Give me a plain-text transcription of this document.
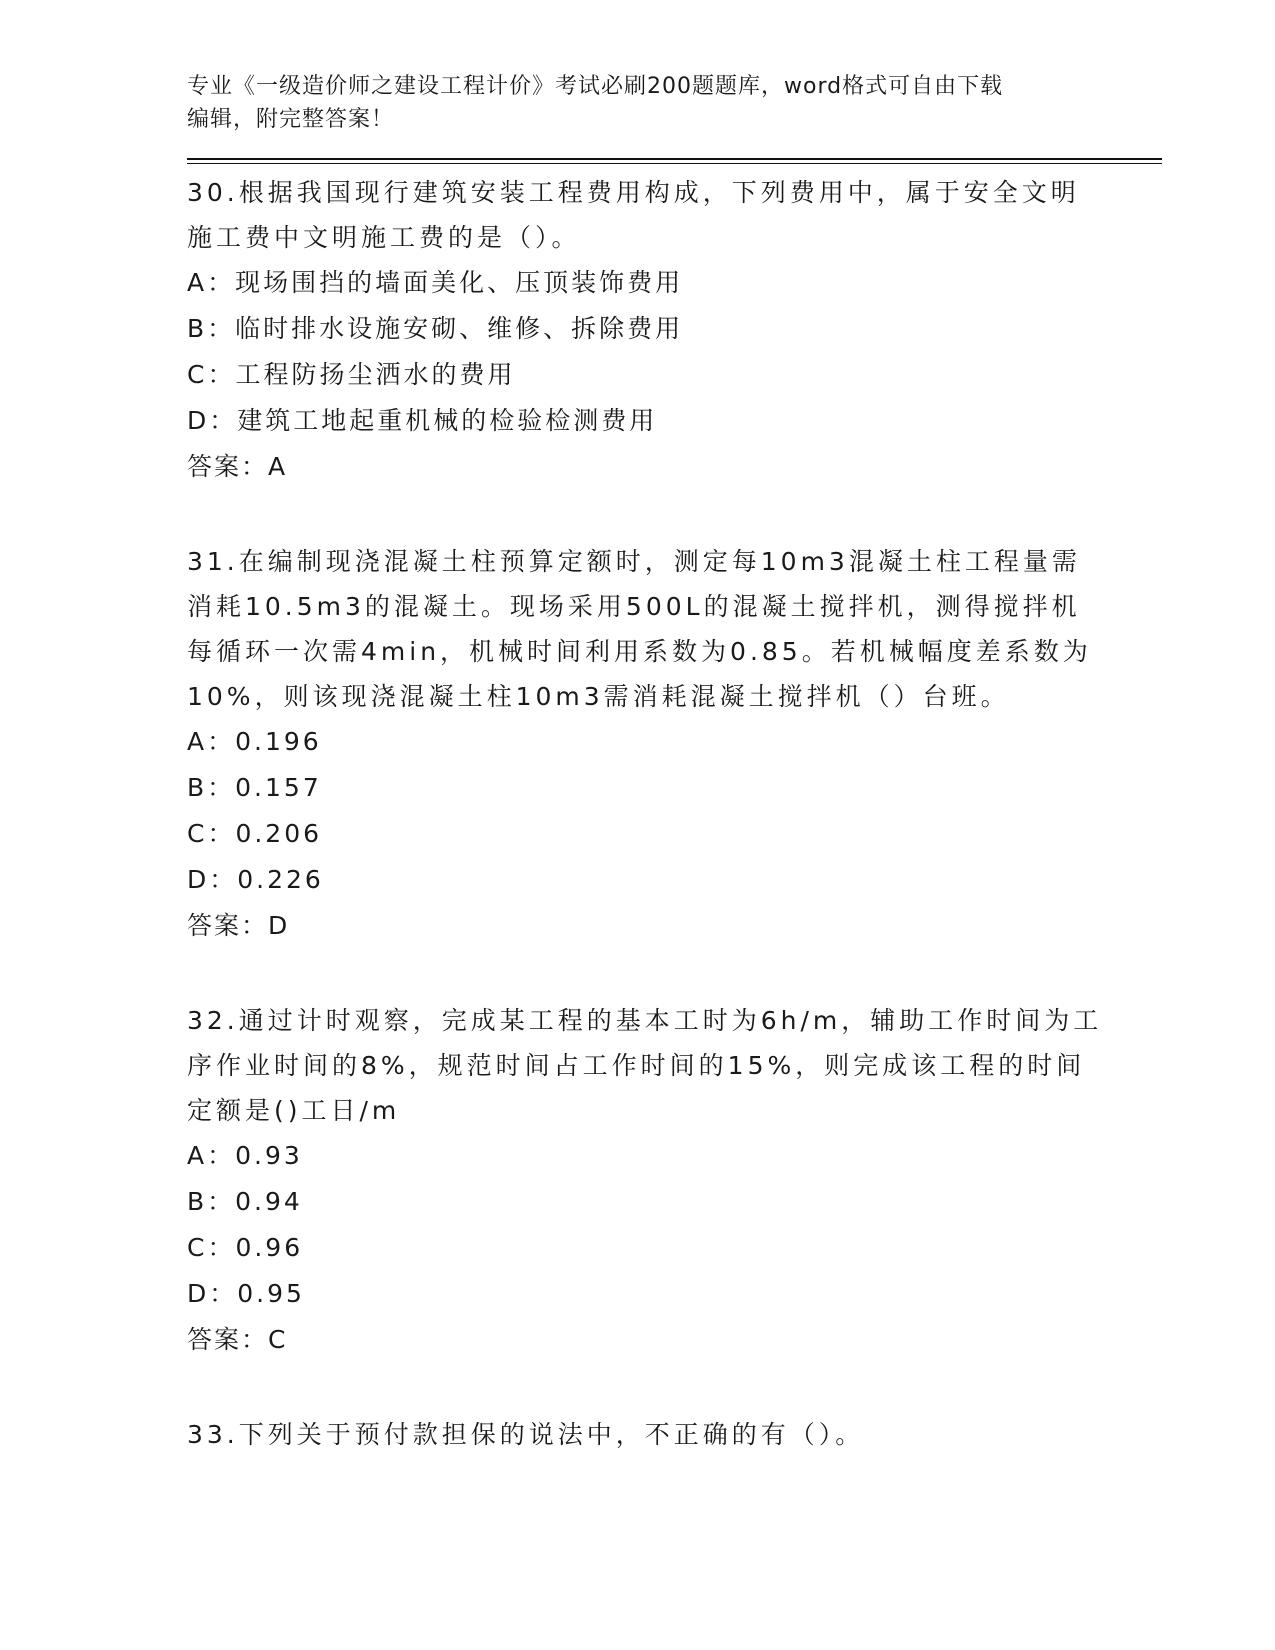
专业《一级造价师之建设工程计价》考试必刷200题题库，word格式可自由下载
编辑，附完整答案！
30.根据我国现行建筑安装工程费用构成，下列费用中，属于安全文明
施工费中文明施工费的是（）。
A：现场围挡的墙面美化、压顶装饰费用
B：临时排水设施安砌、维修、拆除费用
C：工程防扬尘洒水的费用
D：建筑工地起重机械的检验检测费用
答案：A
31.在编制现浇混凝土柱预算定额时，测定每10m3混凝土柱工程量需
消耗10.5m3的混凝土。现场采用500L的混凝土搅拌机，测得搅拌机
每循环一次需4min，机械时间利用系数为0.85。若机械幅度差系数为
10%，则该现浇混凝土柱10m3需消耗混凝土搅拌机（）台班。
A：0.196
B：0.157
C：0.206
D：0.226
答案：D
32.通过计时观察，完成某工程的基本工时为6h/m，辅助工作时间为工
序作业时间的8%，规范时间占工作时间的15%，则完成该工程的时间
定额是()工日/m
A：0.93
B：0.94
C：0.96
D：0.95
答案：C
33.下列关于预付款担保的说法中，不正确的有（）。
